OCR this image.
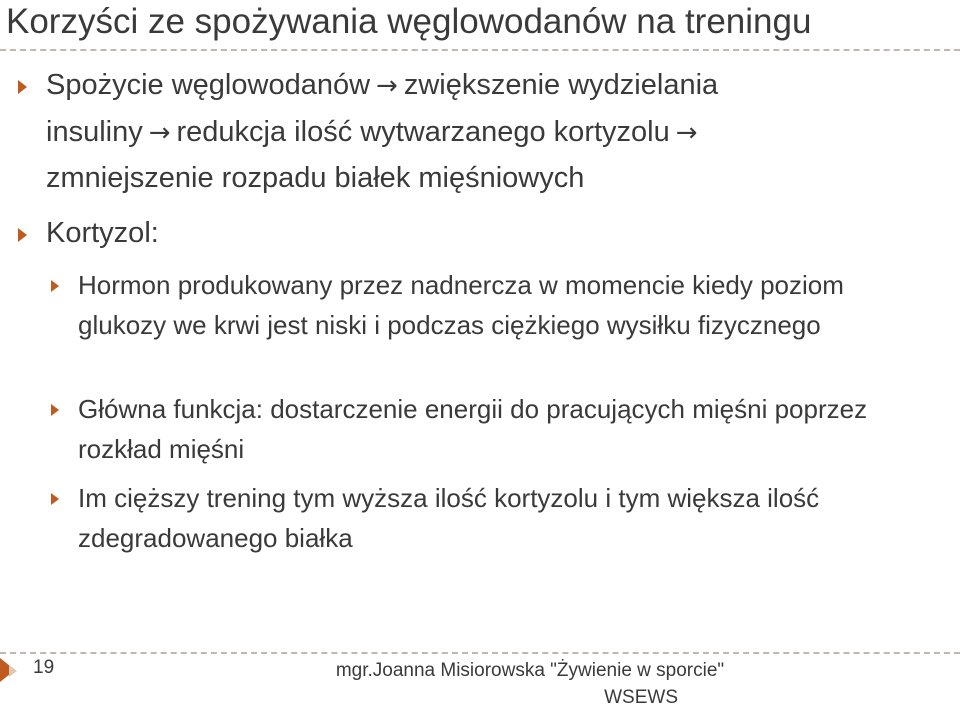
Korzyści ze spożywania węglowodanów na treningu
Spożycie węglowodanów → zwiększenie wydzielania insuliny → redukcja ilość wytwarzanego kortyzolu →
zmniejszenie rozpadu białek mięśniowych
Kortyzol:
Hormon produkowany przez nadnercza w momencie kiedy poziom glukozy we krwi jest niski i podczas ciężkiego wysiłku fizycznego
Główna funkcja: dostarczenie energii do pracujących mięśni poprzez rozkład mięśni
Im cięższy trening tym wyższa ilość kortyzolu i tym większa ilość zdegradowanego białka
19	mgr.Joanna Misiorowska "Żywienie w sporcie"
WSEWS
